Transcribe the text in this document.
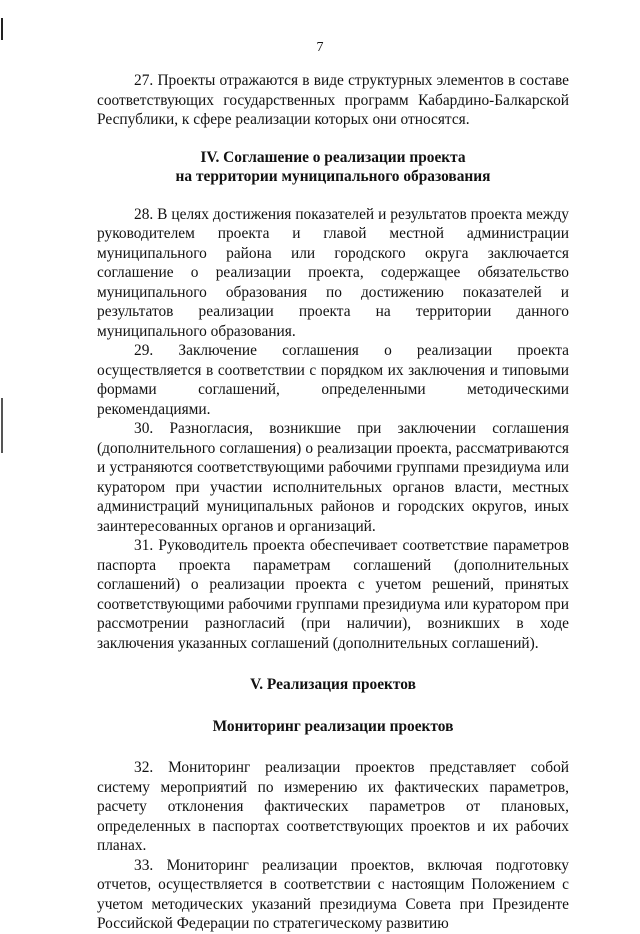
7

27. Проекты отражаются в виде структурных элементов в составе соответствующих государственных программ Кабардино-Балкарской Республики, к сфере реализации которых они относятся.

IV. Соглашение о реализации проекта

на территории муниципального образования

28. В целях достижения показателей и результатов проекта между руководителем проекта и главой местной администрации муниципального района или городского округа заключается соглашение о реализации проекта, содержащее обязательство муниципального образования по достижению показателей и результатов реализации проекта на территории данного муниципального образования.

29. Заключение соглашения о реализации проекта осуществляется в соответствии с порядком их заключения и типовыми формами соглашений, определенными методическими рекомендациями.

30. Разногласия, возникшие при заключении соглашения (дополнительного соглашения) о реализации проекта, рассматриваются и устраняются соответствующими рабочими группами президиума или куратором при участии исполнительных органов власти, местных администраций муниципальных районов и городских округов, иных заинтересованных органов и организаций.

31. Руководитель проекта обеспечивает соответствие параметров паспорта проекта параметрам соглашений (дополнительных соглашений) о реализации проекта с учетом решений, принятых соответствующими рабочими группами президиума или куратором при рассмотрении разногласий (при наличии), возникших в ходе заключения указанных соглашений (дополнительных соглашений).

V. Реализация проектов

Мониторинг реализации проектов

32. Мониторинг реализации проектов представляет собой систему мероприятий по измерению их фактических параметров, расчету отклонения фактических параметров от плановых, определенных в паспортах соответствующих проектов и их рабочих планах.

33. Мониторинг реализации проектов, включая подготовку отчетов, осуществляется в соответствии с настоящим Положением с учетом методических указаний президиума Совета при Президенте Российской Федерации по стратегическому развитию
